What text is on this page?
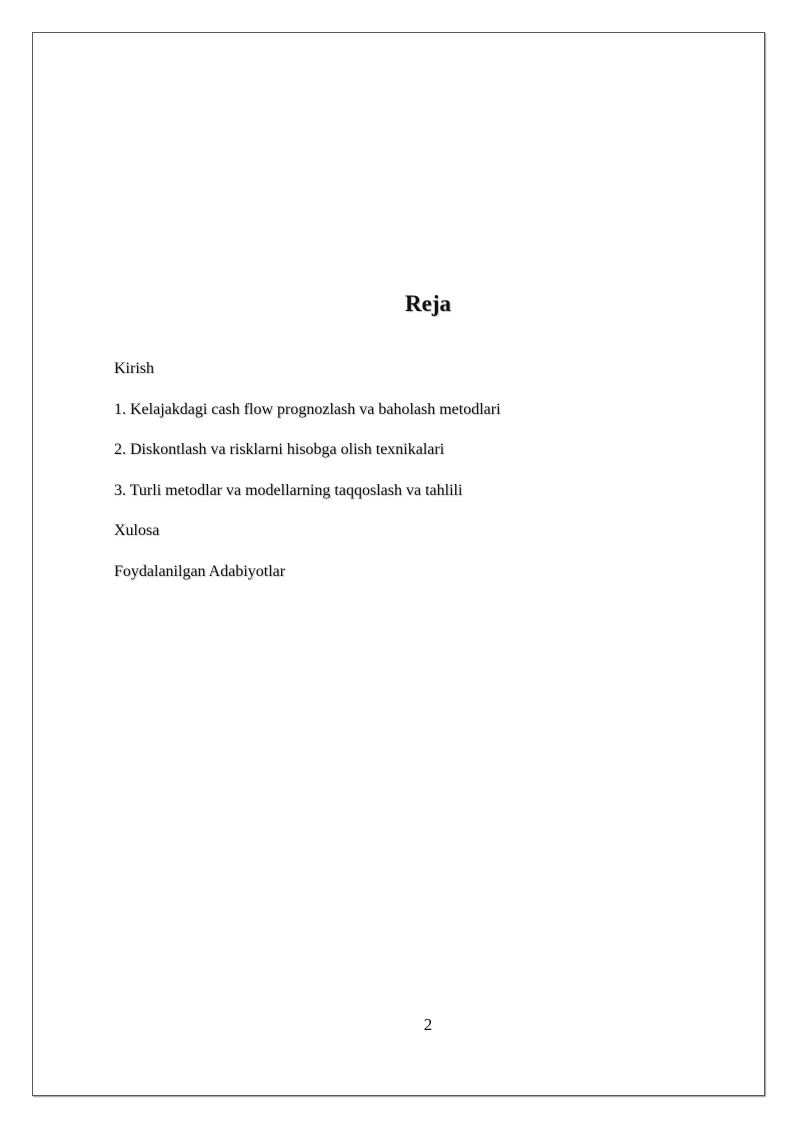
Reja
Kirish
1. Kelajakdagi cash flow prognozlash va baholash metodlari
2. Diskontlash va risklarni hisobga olish texnikalari
3. Turli metodlar va modellarning taqqoslash va tahlili
Xulosa
Foydalanilgan Adabiyotlar
2
